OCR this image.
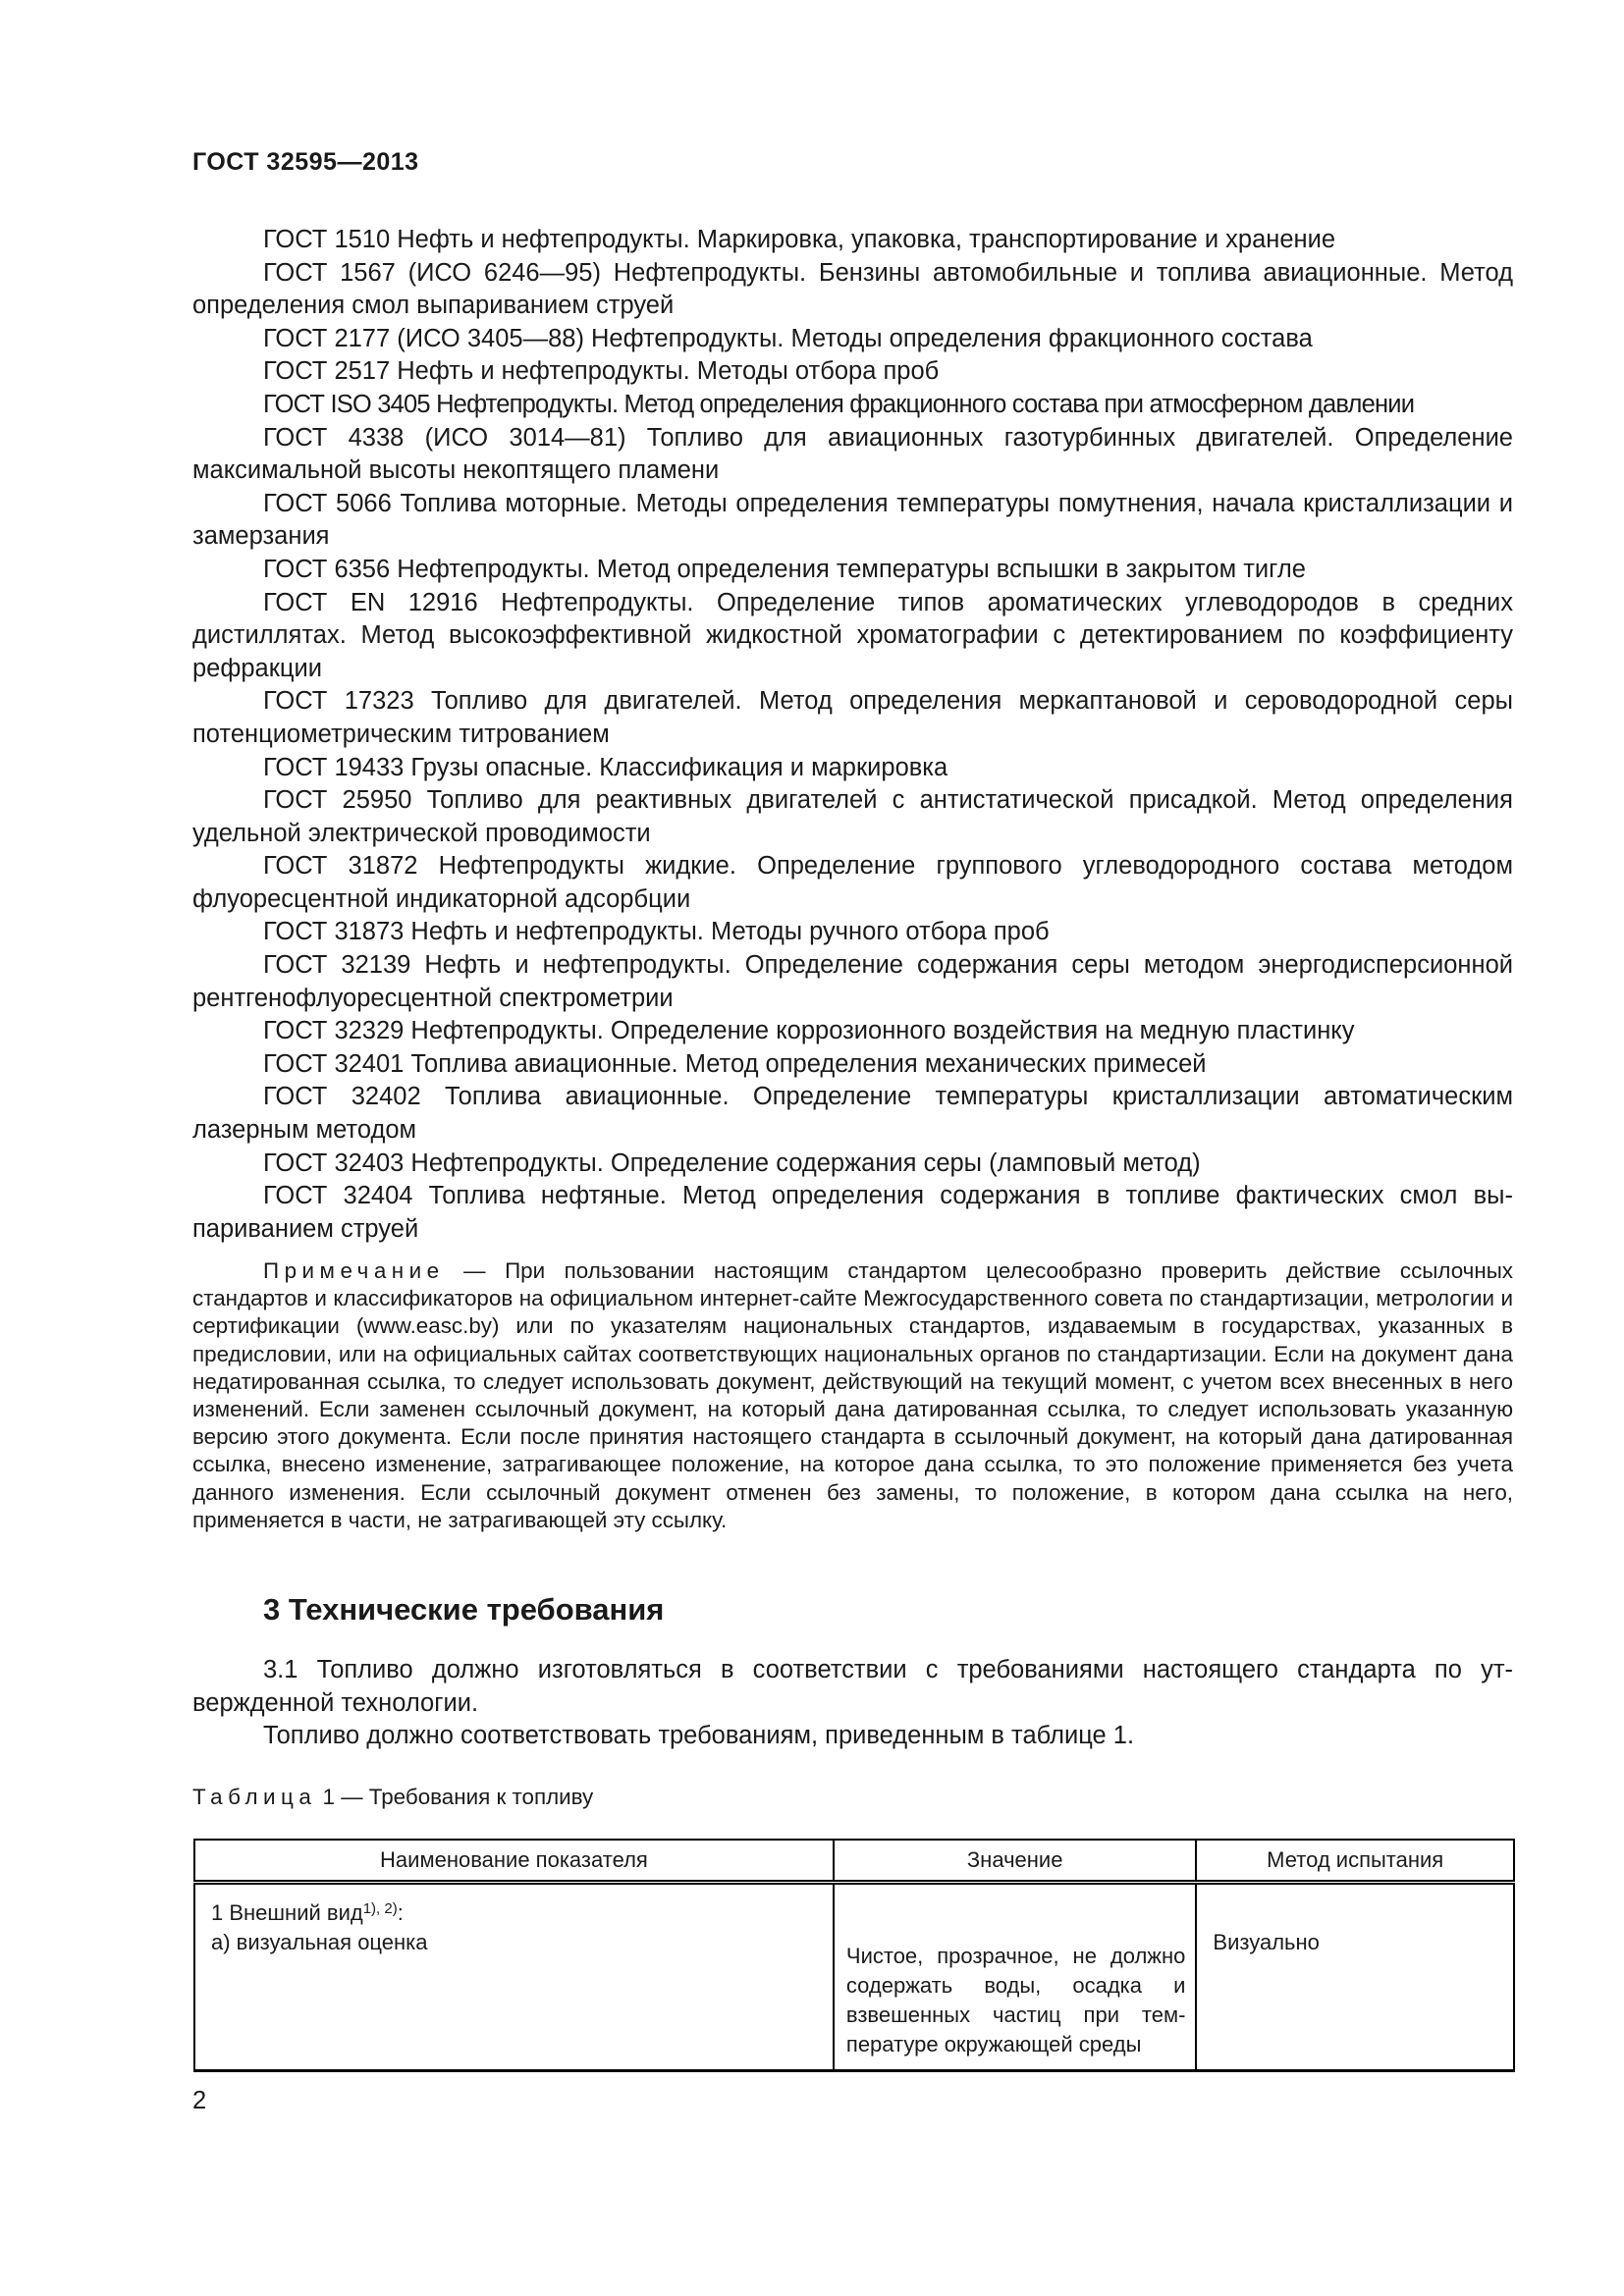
ГОСТ 32595—2013

ГОСТ 1510 Нефть и нефтепродукты. Маркировка, упаковка, транспортирование и хранение

ГОСТ 1567 (ИСО 6246—95) Нефтепродукты. Бензины автомобильные и топлива авиационные. Метод определения смол выпариванием струей

ГОСТ 2177 (ИСО 3405—88) Нефтепродукты. Методы определения фракционного состава

ГОСТ 2517 Нефть и нефтепродукты. Методы отбора проб

ГОСТ ISO 3405 Нефтепродукты. Метод определения фракционного состава при атмосферном давлении

ГОСТ 4338 (ИСО 3014—81) Топливо для авиационных газотурбинных двигателей. Определение максимальной высоты некоптящего пламени

ГОСТ 5066 Топлива моторные. Методы определения температуры помутнения, начала кристаллизации и замерзания

ГОСТ 6356 Нефтепродукты. Метод определения температуры вспышки в закрытом тигле

ГОСТ EN 12916 Нефтепродукты. Определение типов ароматических углеводородов в средних дистиллятах. Метод высокоэффективной жидкостной хроматографии с детектированием по коэффициенту рефракции

ГОСТ 17323 Топливо для двигателей. Метод определения меркаптановой и сероводородной серы потенциометрическим титрованием

ГОСТ 19433 Грузы опасные. Классификация и маркировка

ГОСТ 25950 Топливо для реактивных двигателей с антистатической присадкой. Метод определения удельной электрической проводимости

ГОСТ 31872 Нефтепродукты жидкие. Определение группового углеводородного состава методом флуоресцентной индикаторной адсорбции

ГОСТ 31873 Нефть и нефтепродукты. Методы ручного отбора проб

ГОСТ 32139 Нефть и нефтепродукты. Определение содержания серы методом энергодисперсионной рентгенофлуоресцентной спектрометрии

ГОСТ 32329 Нефтепродукты. Определение коррозионного воздействия на медную пластинку

ГОСТ 32401 Топлива авиационные. Метод определения механических примесей

ГОСТ 32402 Топлива авиационные. Определение температуры кристаллизации автоматическим лазерным методом

ГОСТ 32403 Нефтепродукты. Определение содержания серы (ламповый метод)

ГОСТ 32404 Топлива нефтяные. Метод определения содержания в топливе фактических смол выпариванием струей

Примечание — При пользовании настоящим стандартом целесообразно проверить действие ссылочных стандартов и классификаторов на официальном интернет-сайте Межгосударственного совета по стандартизации, метрологии и сертификации (www.easc.by) или по указателям национальных стандартов, издаваемым в государствах, указанных в предисловии, или на официальных сайтах соответствующих национальных органов по стандартизации. Если на документ дана недатированная ссылка, то следует использовать документ, действующий на текущий момент, с учетом всех внесенных в него изменений. Если заменен ссылочный документ, на который дана датированная ссылка, то следует использовать указанную версию этого документа. Если после принятия настоящего стандарта в ссылочный документ, на который дана датированная ссылка, внесено изменение, затрагивающее положение, на которое дана ссылка, то это положение применяется без учета данного изменения. Если ссылочный документ отменен без замены, то положение, в котором дана ссылка на него, применяется в части, не затрагивающей эту ссылку.

3 Технические требования

3.1 Топливо должно изготовляться в соответствии с требованиями настоящего стандарта по утвержденной технологии.

Топливо должно соответствовать требованиям, приведенным в таблице 1.

Таблица 1 — Требования к топливу
Наименование показателя	Значение	Метод испытания
1 Внешний вид$^{1), 2)}$:		
а) визуальная оценка	Чистое, прозрачное, не должно содержать воды, осадка и взвешенных частиц при температуре окружающей среды	Визуально
2
